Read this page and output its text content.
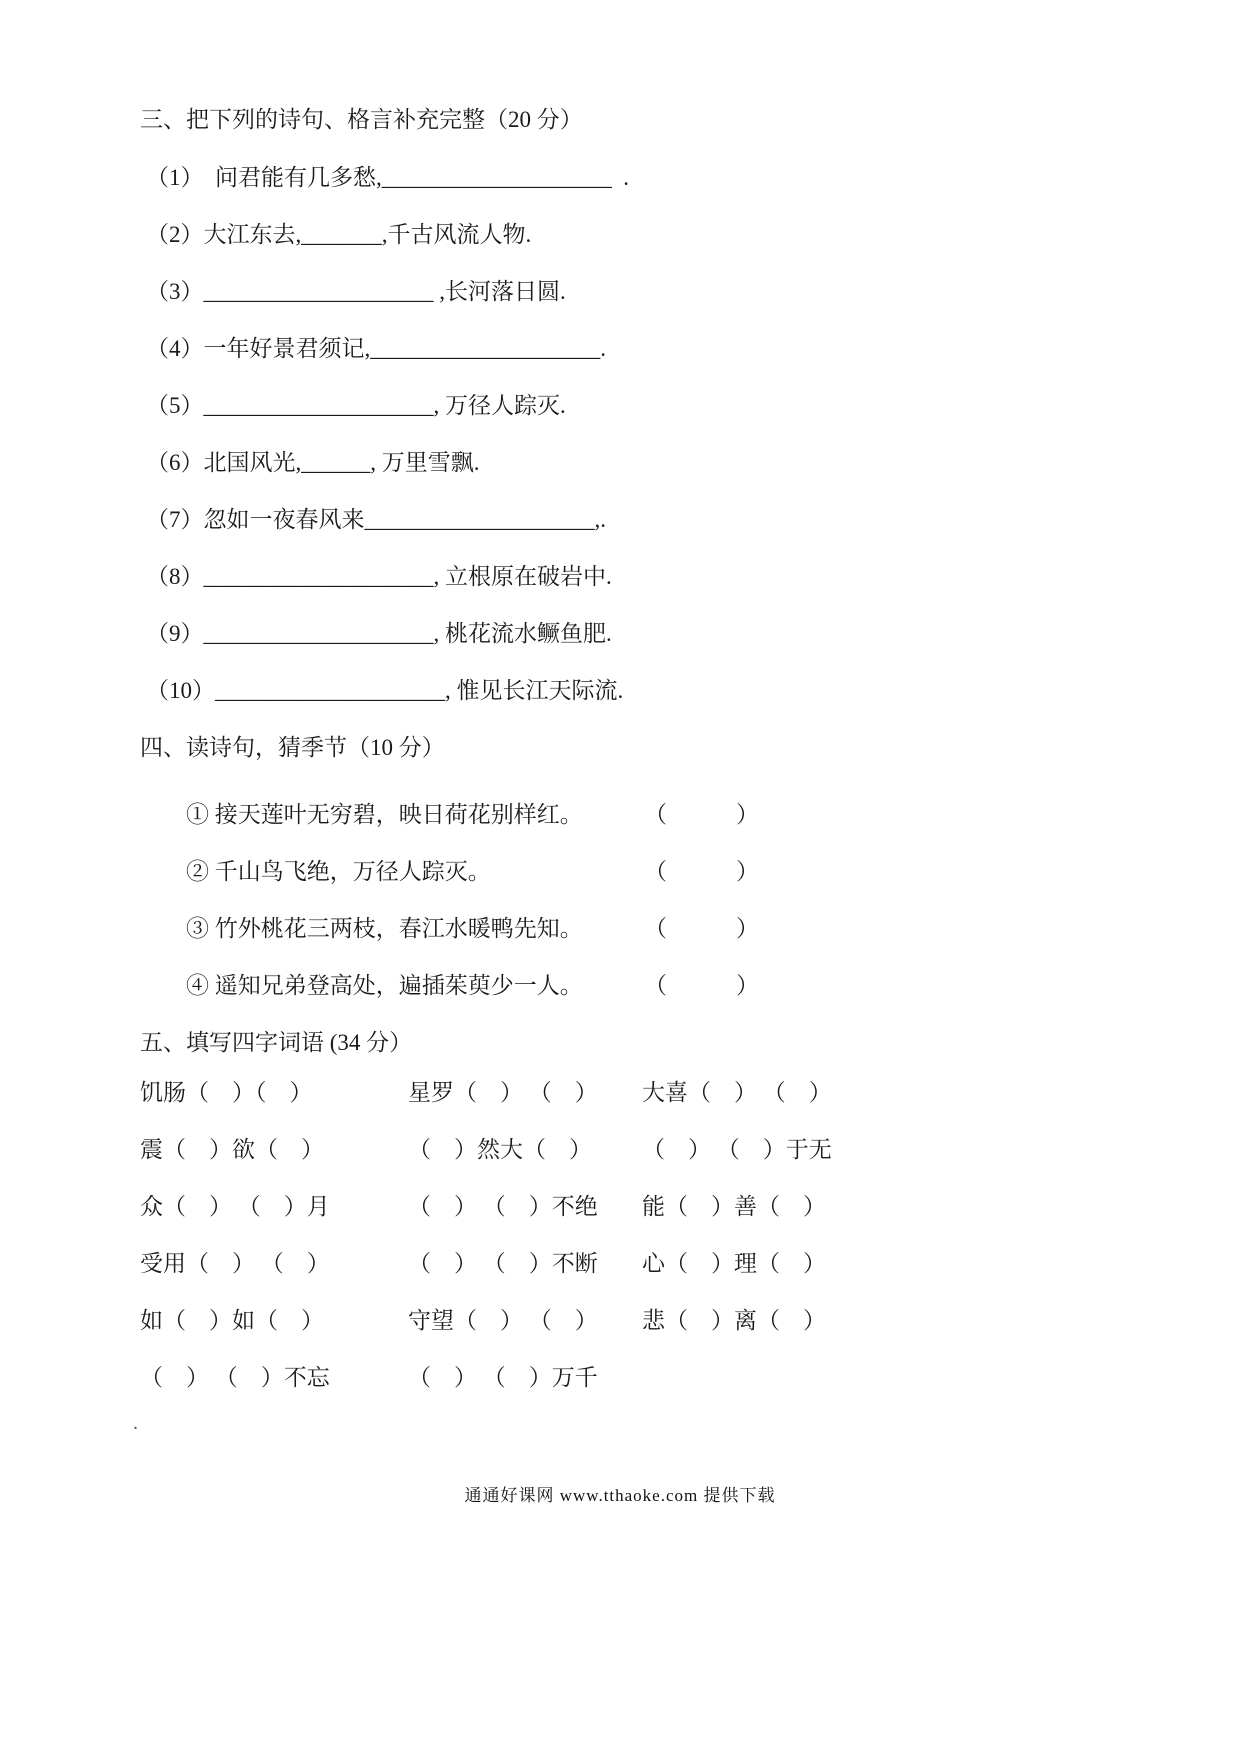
三、把下列的诗句、格言补充完整（20 分）
（1）  问君能有几多愁,____________________  .
（2）大江东去,_______,千古风流人物.
（3）____________________ ,长河落日圆.
（4）一年好景君须记,____________________.
（5）____________________, 万径人踪灭.
（6）北国风光,______, 万里雪飘.
（7）忽如一夜春风来____________________,.
（8）____________________, 立根原在破岩中.
（9）____________________, 桃花流水鳜鱼肥.
（10）____________________, 惟见长江天际流.
四、读诗句，猜季节（10 分）
① 接天莲叶无穷碧，映日荷花别样红。	（　　　）
② 千山鸟飞绝，万径人踪灭。	（　　　）
③ 竹外桃花三两枝，春江水暖鸭先知。	（　　　）
④ 遥知兄弟登高处，遍插茱萸少一人。	（　　　）
五、填写四字词语 (34 分）
饥肠（　）（　）	星罗（　） （　）	大喜（　） （　）
震（　）欲（　）	（　）然大（　）	（　） （　）于无
众（　） （　）月	（　） （　）不绝	能（　）善（　）
受用（　） （　）	（　） （　）不断	心（　）理（　）
如（　）如（　）	守望（　） （　）	悲（　）离（　）
（　） （　）不忘	（　） （　）万千
.
通通好课网 www.tthaoke.com 提供下载
